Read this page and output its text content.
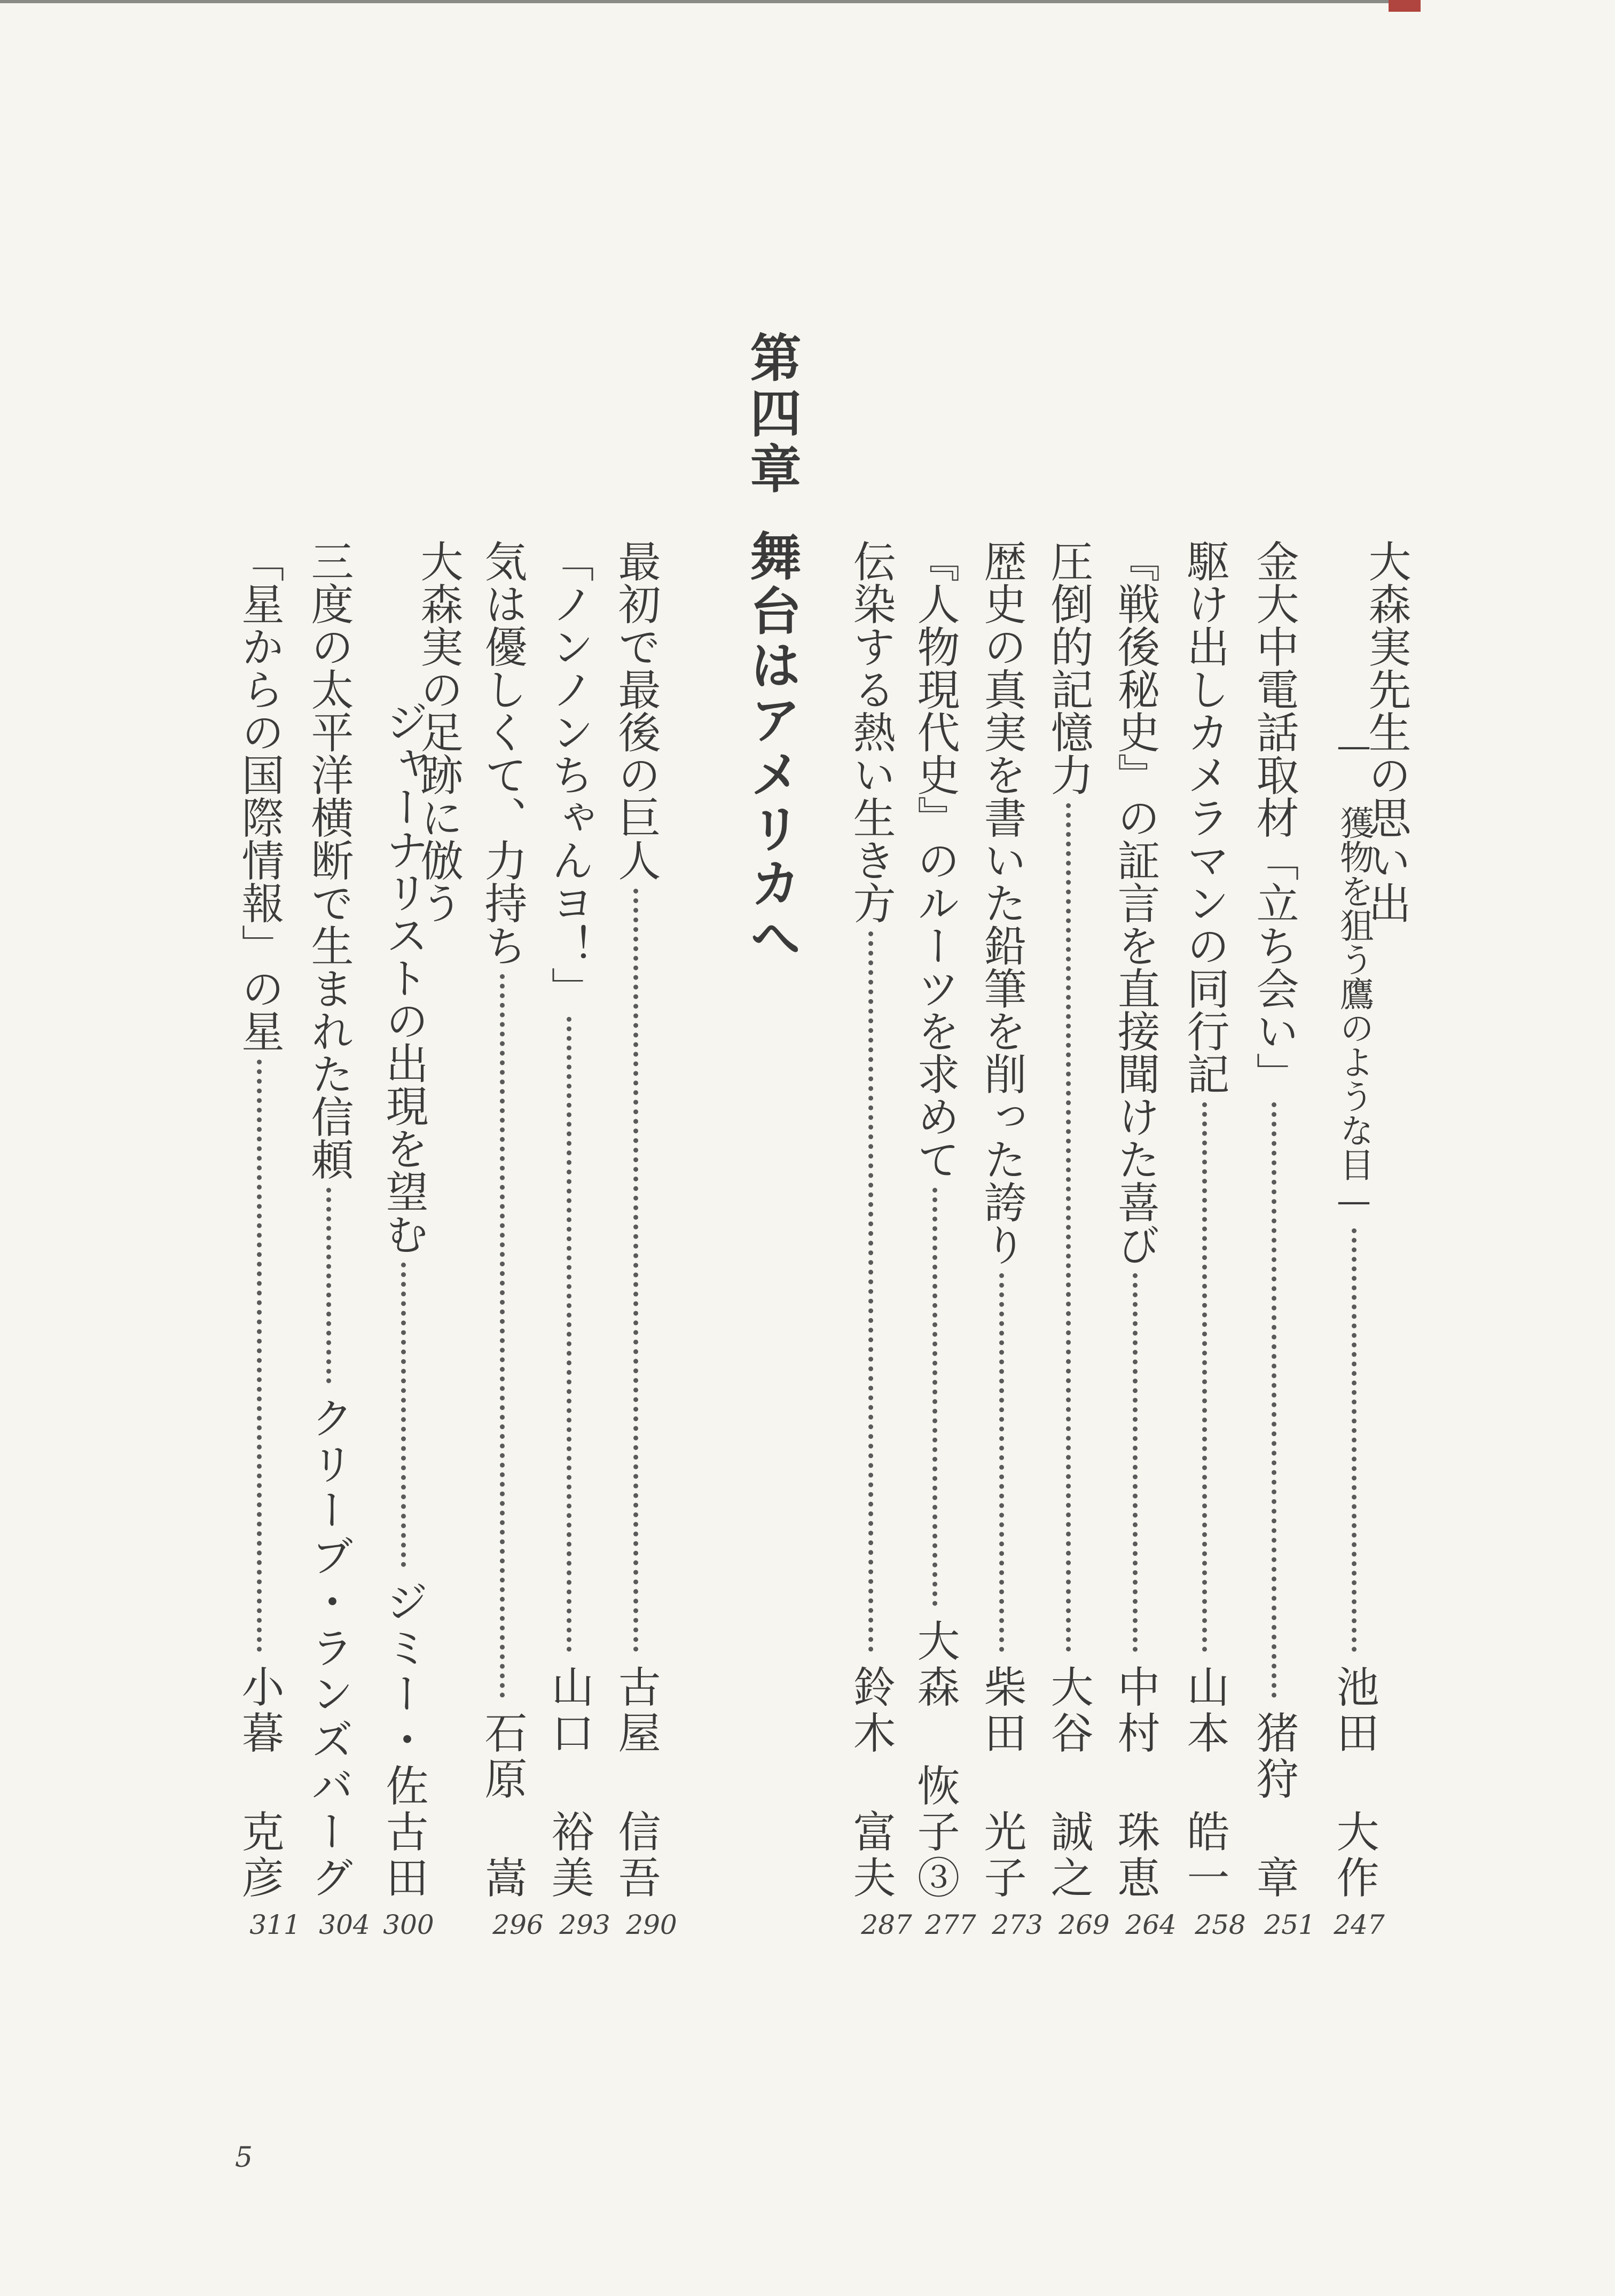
大森実先生の思い出
— 獲物を狙う鷹のような目—
池田 大作
247
金大中電話取材「立ち会い」
猪狩 章
251
駆け出しカメラマンの同行記
山本 皓一
258
『戦後秘史』の証言を直接聞けた喜び
中村 珠恵
264
圧倒的記憶力
大谷 誠之
269
歴史の真実を書いた鉛筆を削った誇り
柴田 光子
273
『人物現代史』のルーツを求めて
大森 恢子③
277
伝染する熱い生き方
鈴木 富夫
287
第四章
舞台はアメリカへ
最初で最後の巨人
古屋 信吾
290
「ノンノンちゃんヨ！」
山口 裕美
293
気は優しくて、力持ち
石原 嵩
296
大森実の足跡に倣う
ジャーナリストの出現を望む
ジミー・佐古田
300
三度の太平洋横断で生まれた信頼
クリーブ・ランズバーグ
304
「星からの国際情報」の星
小暮 克彦
311
5
